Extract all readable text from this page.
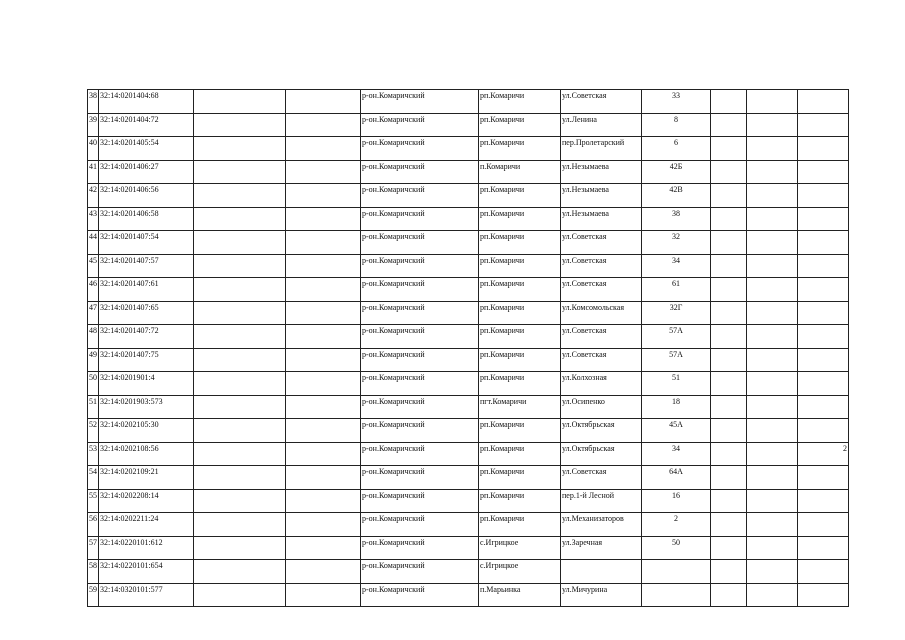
38	32:14:0201404:68			р-он.Комаричский	рп.Комаричи	ул.Советская	33			
39	32:14:0201404:72			р-он.Комаричский	рп.Комаричи	ул.Ленина	8			
40	32:14:0201405:54			р-он.Комаричский	рп.Комаричи	пер.Пролетарский	6			
41	32:14:0201406:27			р-он.Комаричский	п.Комаричи	ул.Незымаева	42Б			
42	32:14:0201406:56			р-он.Комаричский	рп.Комаричи	ул.Незымаева	42В			
43	32:14:0201406:58			р-он.Комаричский	рп.Комаричи	ул.Незымаева	38			
44	32:14:0201407:54			р-он.Комаричский	рп.Комаричи	ул.Советская	32			
45	32:14:0201407:57			р-он.Комаричский	рп.Комаричи	ул.Советская	34			
46	32:14:0201407:61			р-он.Комаричский	рп.Комаричи	ул.Советская	61			
47	32:14:0201407:65			р-он.Комаричский	рп.Комаричи	ул.Комсомольская	32Г			
48	32:14:0201407:72			р-он.Комаричский	рп.Комаричи	ул.Советская	57А			
49	32:14:0201407:75			р-он.Комаричский	рп.Комаричи	ул.Советская	57А			
50	32:14:0201901:4			р-он.Комаричский	рп.Комаричи	ул.Колхозная	51			
51	32:14:0201903:573			р-он.Комаричский	пгт.Комаричи	ул.Осипенко	18			
52	32:14:0202105:30			р-он.Комаричский	рп.Комаричи	ул.Октябрьская	45А			
53	32:14:0202108:56			р-он.Комаричский	рп.Комаричи	ул.Октябрьская	34			2
54	32:14:0202109:21			р-он.Комаричский	рп.Комаричи	ул.Советская	64А			
55	32:14:0202208:14			р-он.Комаричский	рп.Комаричи	пер.1-й Лесной	16			
56	32:14:0202211:24			р-он.Комаричский	рп.Комаричи	ул.Механизаторов	2			
57	32:14:0220101:612			р-он.Комаричский	с.Игрицкое	ул.Заречная	50			
58	32:14:0220101:654			р-он.Комаричский	с.Игрицкое					
59	32:14:0320101:577			р-он.Комаричский	п.Марьинка	ул.Мичурина				
